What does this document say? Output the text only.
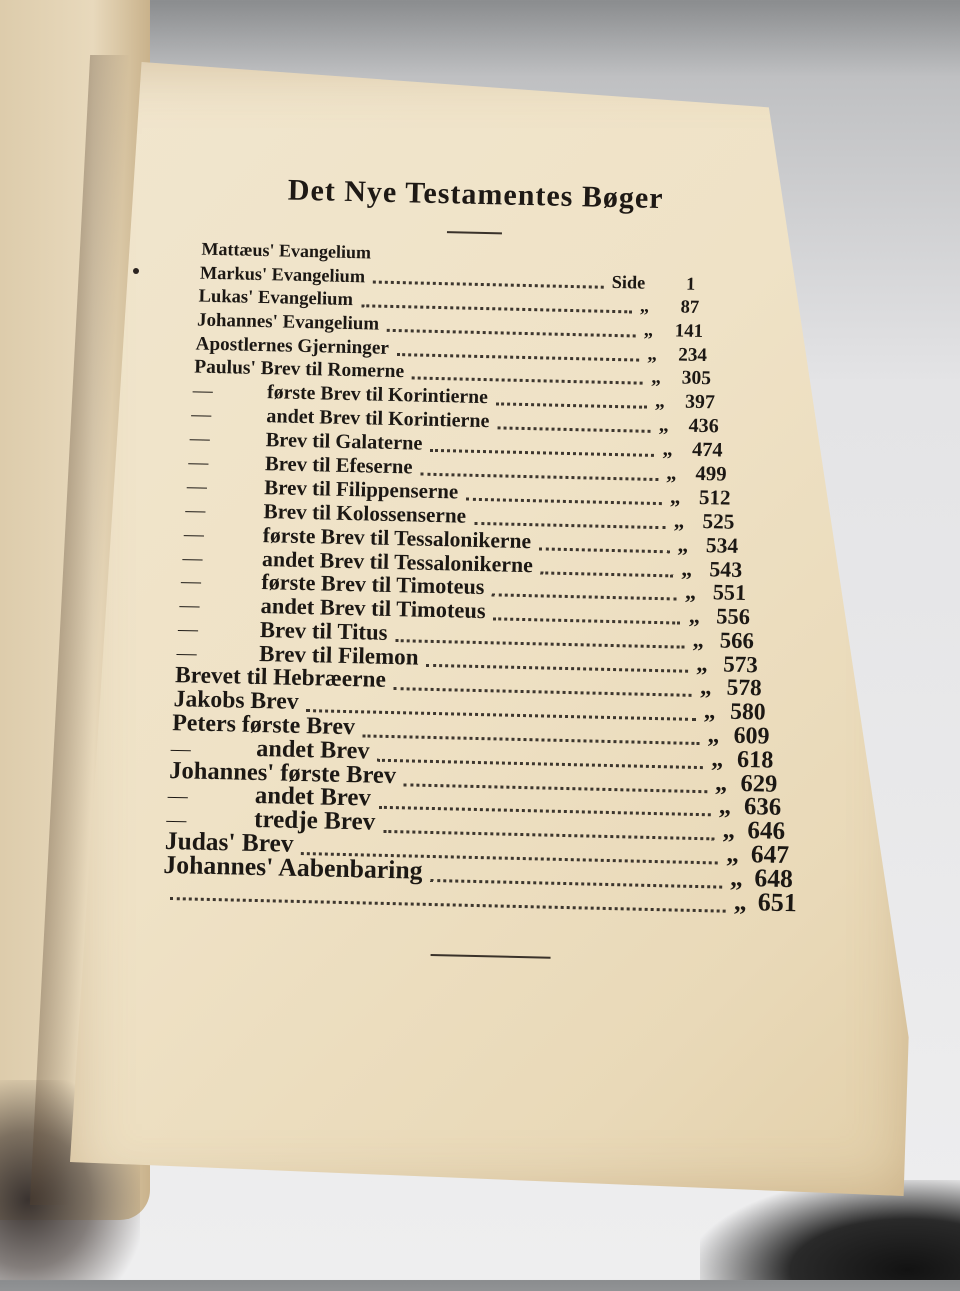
Det Nye Testamentes Bøger
Mattæus' Evangelium
Markus' Evangelium	Side	1
Lukas' Evangelium	„	87
Johannes' Evangelium	„	141
Apostlernes Gjerninger	„	234
Paulus' Brev til Romerne	„	305
—	første Brev til Korintierne	„	397
—	andet Brev til Korintierne	„ 436
—	Brev til Galaterne	„ 474
—	Brev til Efeserne	„ 499
—	Brev til Filippenserne	„ 512
—	Brev til Kolossenserne	„ 525
—	første Brev til Tessalonikerne	„ 534
—	andet Brev til Tessalonikerne	„ 543
—	første Brev til Timoteus	„ 551
—	andet Brev til Timoteus	„ 556
—	Brev til Titus	„ 566
—	Brev til Filemon	„ 573
Brevet til Hebræerne	„ 578
Jakobs Brev	„ 580
Peters første Brev	„ 609
—	andet Brev	„ 618
Johannes' første Brev	„ 629
—	andet Brev	„ 636
—	tredje Brev	„ 646
Judas' Brev	„ 647
Johannes' Aabenbaring	„ 648
„ 651
